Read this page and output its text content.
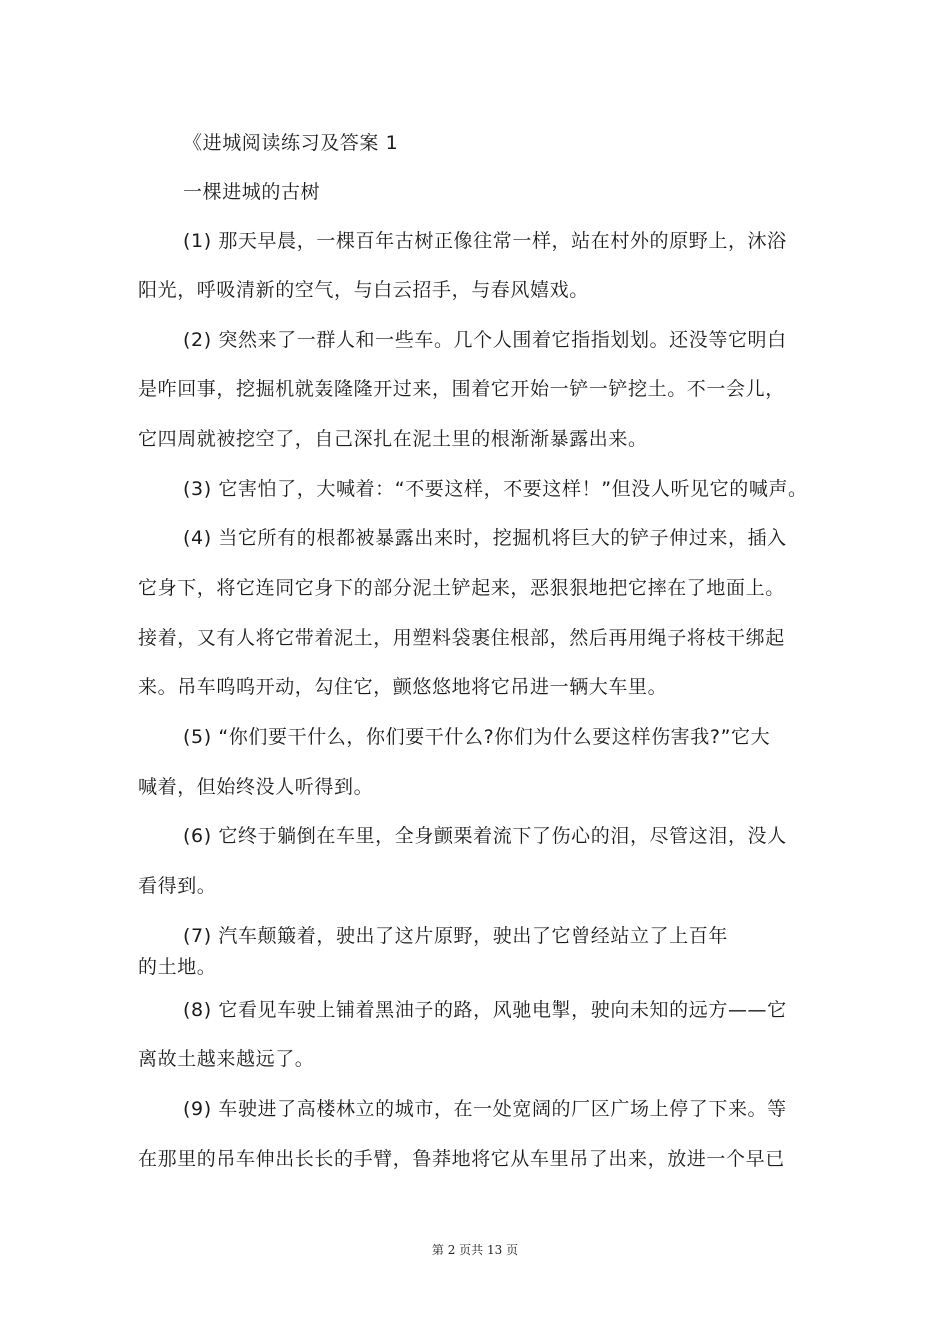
《进城阅读练习及答案 1
一棵进城的古树
(1) 那天早晨，一棵百年古树正像往常一样，站在村外的原野上，沐浴
阳光，呼吸清新的空气，与白云招手，与春风嬉戏。
(2) 突然来了一群人和一些车。几个人围着它指指划划。还没等它明白
是咋回事，挖掘机就轰隆隆开过来，围着它开始一铲一铲挖土。不一会儿，
它四周就被挖空了，自己深扎在泥土里的根渐渐暴露出来。
(3) 它害怕了，大喊着：“不要这样，不要这样！”但没人听见它的喊声。
(4) 当它所有的根都被暴露出来时，挖掘机将巨大的铲子伸过来，插入
它身下，将它连同它身下的部分泥土铲起来，恶狠狠地把它摔在了地面上。
接着，又有人将它带着泥土，用塑料袋裹住根部，然后再用绳子将枝干绑起
来。吊车呜呜开动，勾住它，颤悠悠地将它吊进一辆大车里。
(5) “你们要干什么，你们要干什么?你们为什么要这样伤害我?”它大
喊着，但始终没人听得到。
(6) 它终于躺倒在车里，全身颤栗着流下了伤心的泪，尽管这泪，没人
看得到。
(7) 汽车颠簸着，驶出了这片原野，驶出了它曾经站立了上百年
的土地。
(8) 它看见车驶上铺着黑油子的路，风驰电掣，驶向未知的远方——它
离故土越来越远了。
(9) 车驶进了高楼林立的城市，在一处宽阔的厂区广场上停了下来。等
在那里的吊车伸出长长的手臂，鲁莽地将它从车里吊了出来，放进一个早已
第 2 页共 13 页
